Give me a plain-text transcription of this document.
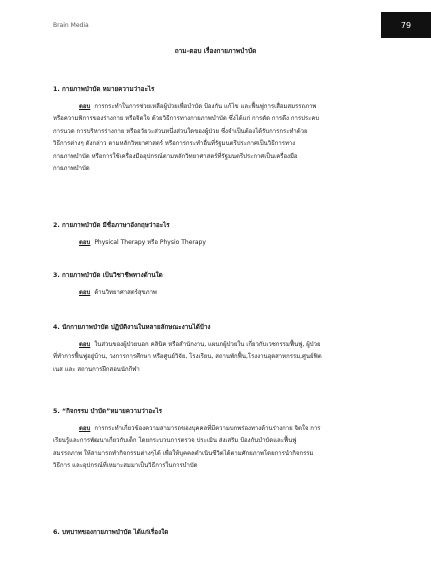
Brain Media	79
ถาม-ตอบ เรื่องกายภาพบำบัด

1. กายภาพบำบัด หมายความว่าอะไร

ตอบ การกระทำในการช่วยเหลือผู้ป่วยเพื่อบำบัด ป้องกัน แก้ไข และฟื้นฟูการเสื่อมสมรรถภาพ
หรือความพิการของร่างกาย หรือจิตใจ ด้วยวิธีการทางกายภาพบำบัด ซึ่งได้แก่ การดัด การดึง การประคบ
การนวด การบริหารร่างกาย หรืออวัยวะส่วนหนึ่งส่วนใดของผู้ป่วย ซึ่งจำเป็นต้องได้รับการกระทำด้วย
วิธีการต่างๆ ดังกล่าว ตามหลักวิทยาศาสตร์ หรือการกระทำอื่นที่รัฐมนตรีประกาศเป็นวิธีการทาง
กายภาพบำบัด หรือการใช้เครื่องมืออุปกรณ์ตามหลักวิทยาศาสตร์ที่รัฐมนตรีประกาศเป็นเครื่องมือ
กายภาพบำบัด

2. กายภาพบำบัด มีชื่อภาษาอังกฤษว่าอะไร

ตอบ Physical Therapy หรือ Physio Therapy

3. กายภาพบำบัด เป็นวิชาชีพทางด้านใด

ตอบ ด้านวิทยาศาสตร์สุขภาพ

4. นักกายภาพบำบัด ปฏิบัติงานในหลายลักษณะงานได้บ้าง

ตอบ ในส่วนของผู้ป่วยนอก คลินิค หรือสำนักงาน, แผนกผู้ป่วยใน เกี่ยวกับเวชกรรมฟื้นฟู, ผู้ป่วย
ที่ทำการฟื้นฟูอยู่บ้าน, วงการการศึกษา หรือศูนย์วิจัย, โรงเรียน, สถานพักฟื้น,โรงงานอุตสาหกรรม,ศูนย์ฟิต
เนส และ สถานการฝึกสอนนักกีฬา

5. “กิจกรรม บำบัด”หมายความว่าอะไร

ตอบ การกระทำเกี่ยวข้องความสามารถของบุคคลที่มีความบกพร่องทางด้านร่างกาย จิตใจ การ
เรียนรู้และการพัฒนาเกี่ยวกับเด็ก โดยกระบวนการตรวจ ประเมิน ส่งเสริม ป้องกันบำบัดและฟื้นฟู
สมรรถภาพ ให้สามารถทำกิจกรรมต่างๆได้ เพื่อให้บุคคลดำเนินชีวิตได้ตามศักยภาพโดยการนำกิจกรรม
วิธีการ และอุปกรณ์ที่เหมาะสมมาเป็นวิธีการในการบำบัด

6. บทบาทของกายภาพบำบัด ได้แก่เรื่องใด
